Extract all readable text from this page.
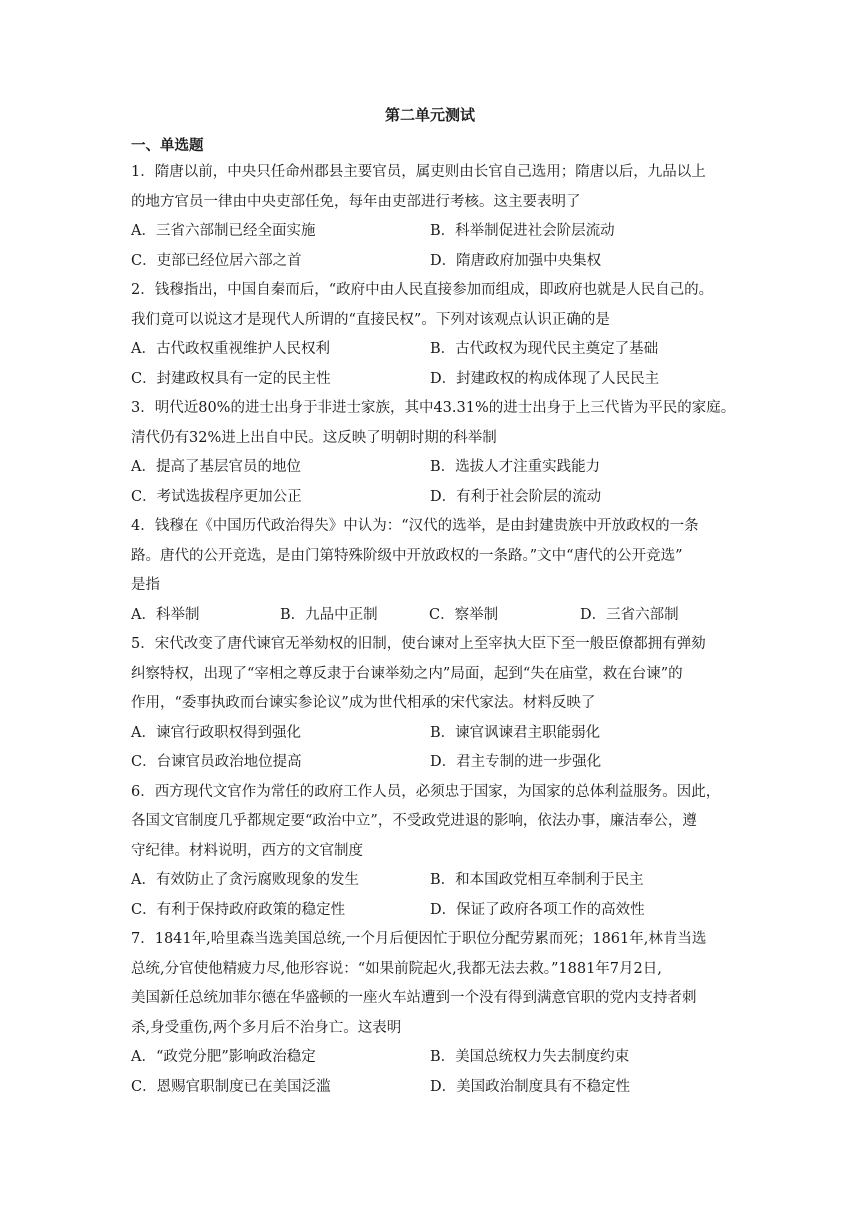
第二单元测试
一、单选题
1．隋唐以前，中央只任命州郡县主要官员，属吏则由长官自己选用；隋唐以后，九品以上
的地方官员一律由中央吏部任免，每年由吏部进行考核。这主要表明了
A．三省六部制已经全面实施	B．科举制促进社会阶层流动
C．吏部已经位居六部之首	D．隋唐政府加强中央集权
2．钱穆指出，中国自秦而后，“政府中由人民直接参加而组成，即政府也就是人民自己的。
我们竟可以说这才是现代人所谓的“直接民权”。下列对该观点认识正确的是
A．古代政权重视维护人民权利	B．古代政权为现代民主奠定了基础
C．封建政权具有一定的民主性	D．封建政权的构成体现了人民民主
3．明代近80%的进士出身于非进士家族，其中43.31%的进士出身于上三代皆为平民的家庭。
清代仍有32%进上出自中民。这反映了明朝时期的科举制
A．提高了基层官员的地位	B．选拔人才注重实践能力
C．考试选拔程序更加公正	D．有利于社会阶层的流动
4．钱穆在《中国历代政治得失》中认为：“汉代的选举，是由封建贵族中开放政权的一条
路。唐代的公开竞选，是由门第特殊阶级中开放政权的一条路。”文中“唐代的公开竞选”
是指
A．科举制	B．九品中正制	C．察举制	D．三省六部制
5．宋代改变了唐代谏官无举劾权的旧制，使台谏对上至宰执大臣下至一般臣僚都拥有弹劾
纠察特权，出现了“宰相之尊反隶于台谏举劾之内”局面，起到“失在庙堂，救在台谏”的
作用，“委事执政而台谏实参论议”成为世代相承的宋代家法。材料反映了
A．谏官行政职权得到强化	B．谏官讽谏君主职能弱化
C．台谏官员政治地位提高	D．君主专制的进一步强化
6．西方现代文官作为常任的政府工作人员，必须忠于国家，为国家的总体利益服务。因此，
各国文官制度几乎都规定要“政治中立”，不受政党进退的影响，依法办事，廉洁奉公，遵
守纪律。材料说明，西方的文官制度
A．有效防止了贪污腐败现象的发生	B．和本国政党相互牵制利于民主
C．有利于保持政府政策的稳定性	D．保证了政府各项工作的高效性
7．1841年,哈里森当选美国总统,一个月后便因忙于职位分配劳累而死；1861年,林肯当选
总统,分官使他精疲力尽,他形容说：“如果前院起火,我都无法去救。”1881年7月2日,
美国新任总统加菲尔德在华盛顿的一座火车站遭到一个没有得到满意官职的党内支持者刺
杀,身受重伤,两个多月后不治身亡。这表明
A．“政党分肥”影响政治稳定	B．美国总统权力失去制度约束
C．恩赐官职制度已在美国泛滥	D．美国政治制度具有不稳定性
